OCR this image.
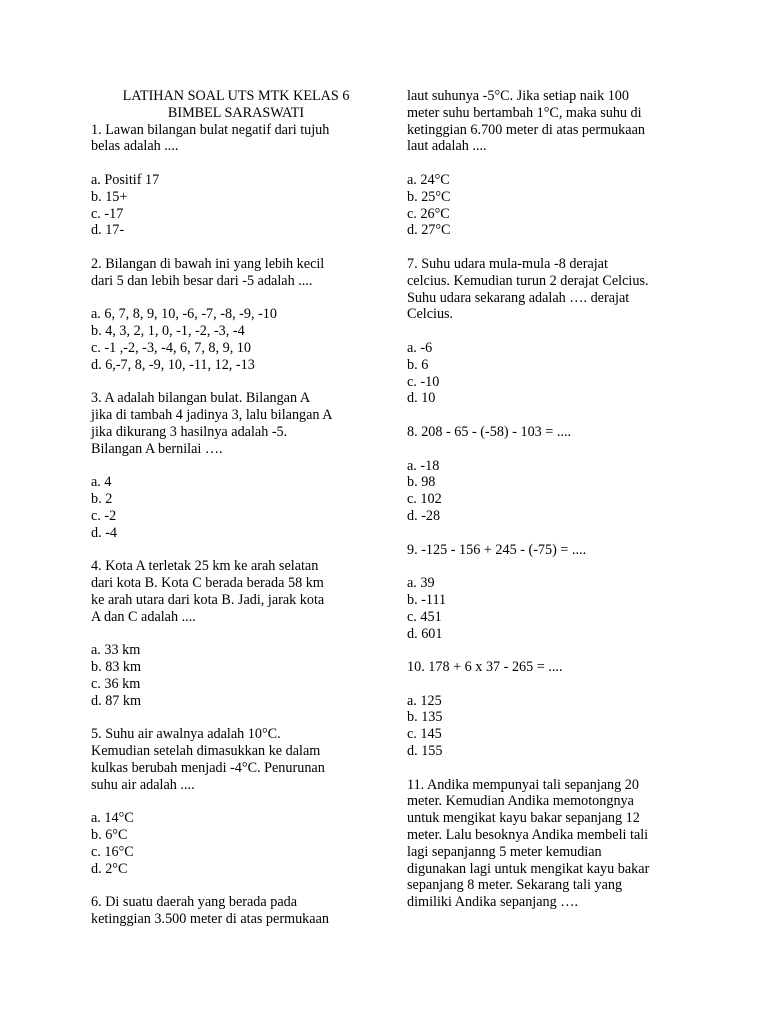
LATIHAN SOAL UTS MTK KELAS 6

BIMBEL SARASWATI

1. Lawan bilangan bulat negatif dari tujuh

belas adalah ....

a. Positif 17

b. 15+

c. -17

d. 17-

2. Bilangan di bawah ini yang lebih kecil

dari 5 dan lebih besar dari -5 adalah ....

a. 6, 7, 8, 9, 10, -6, -7, -8, -9, -10

b. 4, 3, 2, 1, 0, -1, -2, -3, -4

c. -1 ,-2, -3, -4, 6, 7, 8, 9, 10

d. 6,-7, 8, -9, 10, -11, 12, -13

3. A adalah bilangan bulat. Bilangan A

jika di tambah 4 jadinya 3, lalu bilangan A

jika dikurang 3 hasilnya adalah -5.

Bilangan A bernilai ….

a. 4

b. 2

c. -2

d. -4

4. Kota A terletak 25 km ke arah selatan

dari kota B. Kota C berada berada 58 km

ke arah utara dari kota B. Jadi, jarak kota

A dan C adalah ....

a. 33 km

b. 83 km

c. 36 km

d. 87 km

5. Suhu air awalnya adalah 10°C.

Kemudian setelah dimasukkan ke dalam

kulkas berubah menjadi -4°C. Penurunan

suhu air adalah ....

a. 14°C

b. 6°C

c. 16°C

d. 2°C

6. Di suatu daerah yang berada pada

ketinggian 3.500 meter di atas permukaan

laut suhunya -5°C. Jika setiap naik 100

meter suhu bertambah 1°C, maka suhu di

ketinggian 6.700 meter di atas permukaan

laut adalah ....

a. 24°C

b. 25°C

c. 26°C

d. 27°C

7. Suhu udara mula-mula -8 derajat

celcius. Kemudian turun 2 derajat Celcius.

Suhu udara sekarang adalah …. derajat

Celcius.

a. -6

b. 6

c. -10

d. 10

8. 208 - 65 - (-58) - 103 = ....

a. -18

b. 98

c. 102

d. -28

9. -125 - 156 + 245 - (-75) = ....

a. 39

b. -111

c. 451

d. 601

10. 178 + 6 x 37 - 265 = ....

a. 125

b. 135

c. 145

d. 155

11. Andika mempunyai tali sepanjang 20

meter. Kemudian Andika memotongnya

untuk mengikat kayu bakar sepanjang 12

meter. Lalu besoknya Andika membeli tali

lagi sepanjanng 5 meter kemudian

digunakan lagi untuk mengikat kayu bakar

sepanjang 8 meter. Sekarang tali yang

dimiliki Andika sepanjang ….
